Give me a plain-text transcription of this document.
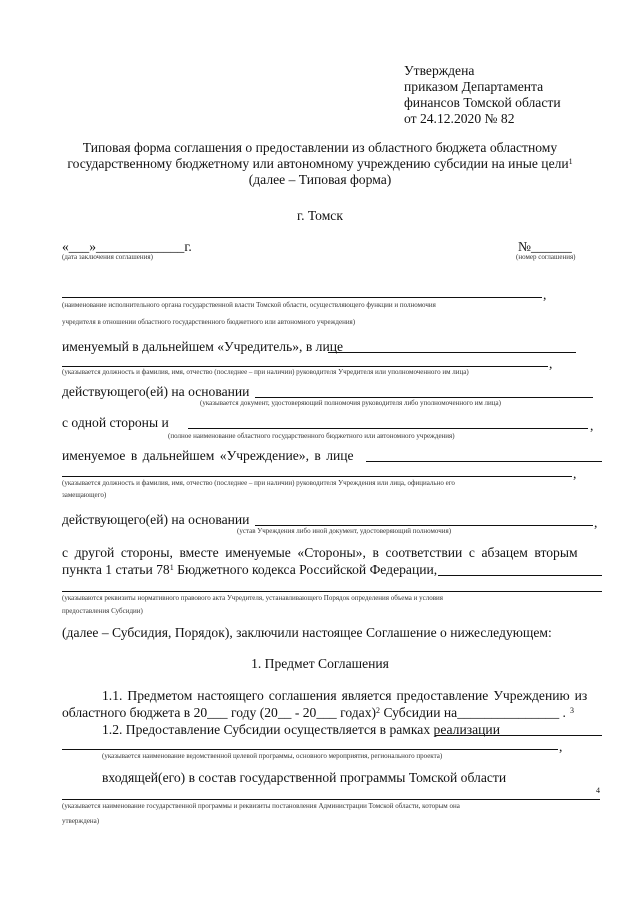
Утверждена
приказом Департамента
финансов Томской области
от 24.12.2020 № 82
Типовая форма соглашения о предоставлении из областного бюджета областному
государственному бюджетному или автономному учреждению субсидии на иные цели$^1$
(далее – Типовая форма)
г. Томск
«___»_____________г.
(дата заключения соглашения)
№______
(номер соглашения)
,
(наименование исполнительного органа государственной власти Томской области, осуществляющего функции и полномочия
учредителя в отношении областного государственного бюджетного или автономного учреждения)
именуемый в дальнейшем «Учредитель», в лице
,
(указывается должность и фамилия, имя, отчество (последнее – при наличии) руководителя Учредителя или уполномоченного им лица)
действующего(ей) на основании
(указывается документ, удостоверяющий полномочия руководителя либо уполномоченного им лица)
с одной стороны и	,
(полное наименование областного государственного бюджетного или автономного учреждения)
именуемое в дальнейшем «Учреждение», в лице
,
(указывается должность и фамилия, имя, отчество (последнее – при наличии) руководителя Учреждения или лица, официально его
замещающего)
действующего(ей) на основании	,
(устав Учреждения либо иной документ, удостоверяющий полномочия)
с другой стороны, вместе именуемые «Стороны», в соответствии с абзацем вторым
пункта 1 статьи $78^1$ Бюджетного кодекса Российской Федерации,
(указываются реквизиты нормативного правового акта Учредителя, устанавливающего Порядок определения объема и условия
предоставления Субсидии)
(далее – Субсидия, Порядок), заключили настоящее Соглашение о нижеследующем:
1. Предмет Соглашения
1.1. Предметом настоящего соглашения является предоставление Учреждению из
областного бюджета в 20___ году (20__ - 20___ годах)$^2$ Субсидии на_______________ . $^3$
1.2. Предоставление Субсидии осуществляется в рамках реализации
,
(указывается наименование ведомственной целевой программы, основного мероприятия, регионального проекта)
входящей(его) в состав государственной программы Томской области
4
(указывается наименование государственной программы и реквизиты постановления Администрации Томской области, которым она
утверждена)
